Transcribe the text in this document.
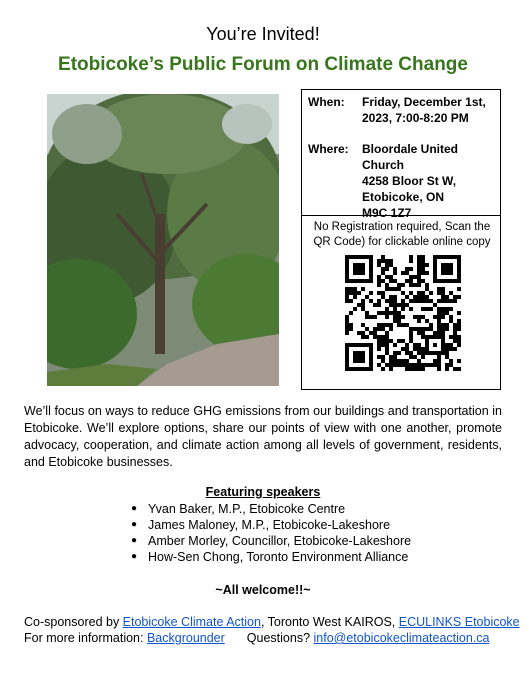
You’re Invited!
Etobicoke’s Public Forum on Climate Change
When: Friday, December 1st,
2023, 7:00-8:20 PM
Where: Bloordale United
Church
4258 Bloor St W,
Etobicoke, ON
M9C 1Z7
No Registration required, Scan the
QR Code) for clickable online copy
We’ll focus on ways to reduce GHG emissions from our buildings and transportation in Etobicoke. We’ll explore options, share our points of view with one another, promote advocacy, cooperation, and climate action among all levels of government, residents, and Etobicoke businesses.
Featuring speakers
● Yvan Baker, M.P., Etobicoke Centre
● James Maloney, M.P., Etobicoke-Lakeshore
● Amber Morley, Councillor, Etobicoke-Lakeshore
● How-Sen Chong, Toronto Environment Alliance
~All welcome!!~
Co-sponsored by Etobicoke Climate Action, Toronto West KAIROS, ECULINKS Etobicoke
For more information: Backgrounder Questions? info@etobicokeclimateaction.ca
